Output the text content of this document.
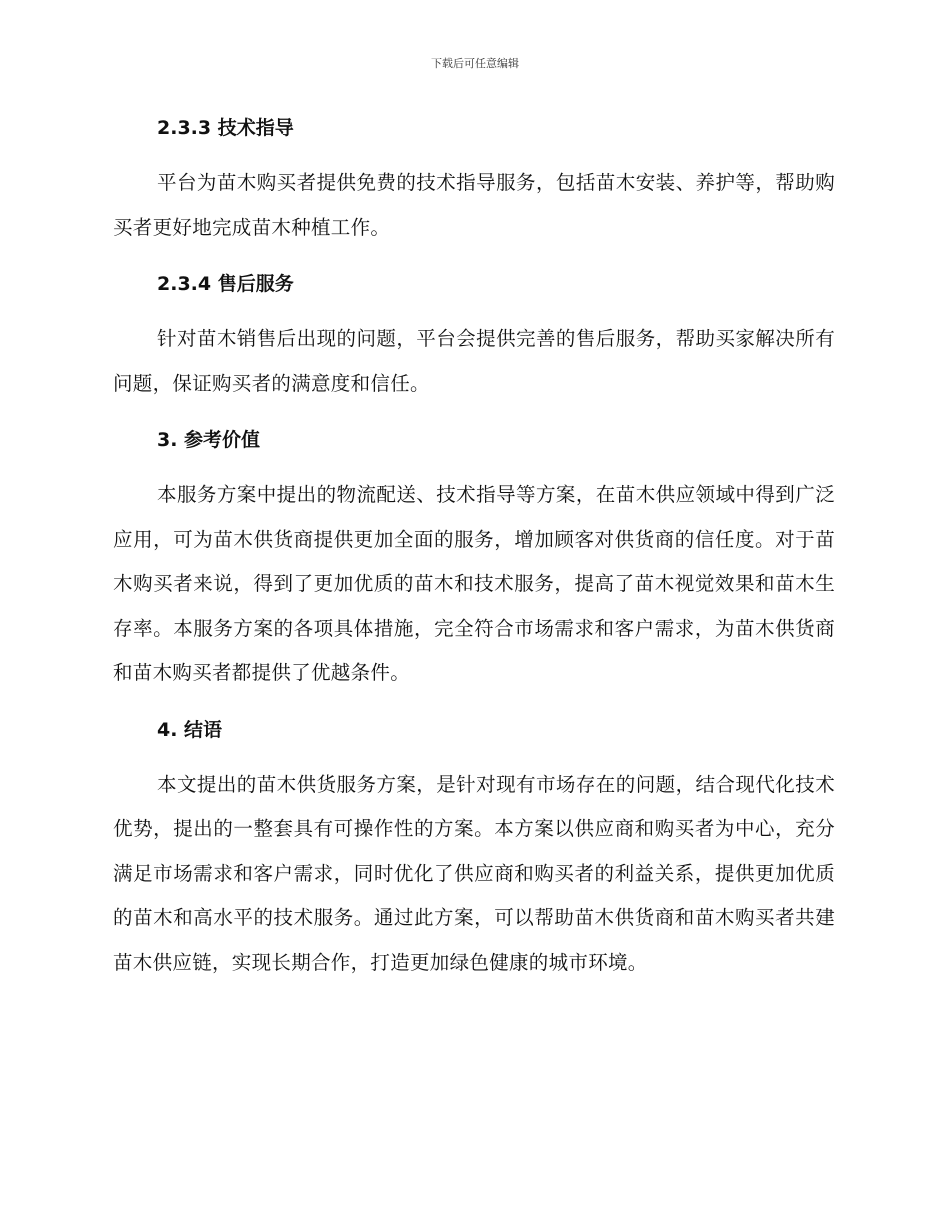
下载后可任意编辑
2.3.3 技术指导

平台为苗木购买者提供免费的技术指导服务，包括苗木安装、养护等，帮助购买者更好地完成苗木种植工作。

2.3.4 售后服务

针对苗木销售后出现的问题，平台会提供完善的售后服务，帮助买家解决所有问题，保证购买者的满意度和信任。

3. 参考价值

本服务方案中提出的物流配送、技术指导等方案，在苗木供应领域中得到广泛应用，可为苗木供货商提供更加全面的服务，增加顾客对供货商的信任度。对于苗木购买者来说，得到了更加优质的苗木和技术服务，提高了苗木视觉效果和苗木生存率。本服务方案的各项具体措施，完全符合市场需求和客户需求，为苗木供货商和苗木购买者都提供了优越条件。

4. 结语

本文提出的苗木供货服务方案，是针对现有市场存在的问题，结合现代化技术优势，提出的一整套具有可操作性的方案。本方案以供应商和购买者为中心，充分满足市场需求和客户需求，同时优化了供应商和购买者的利益关系，提供更加优质的苗木和高水平的技术服务。通过此方案，可以帮助苗木供货商和苗木购买者共建苗木供应链，实现长期合作，打造更加绿色健康的城市环境。
